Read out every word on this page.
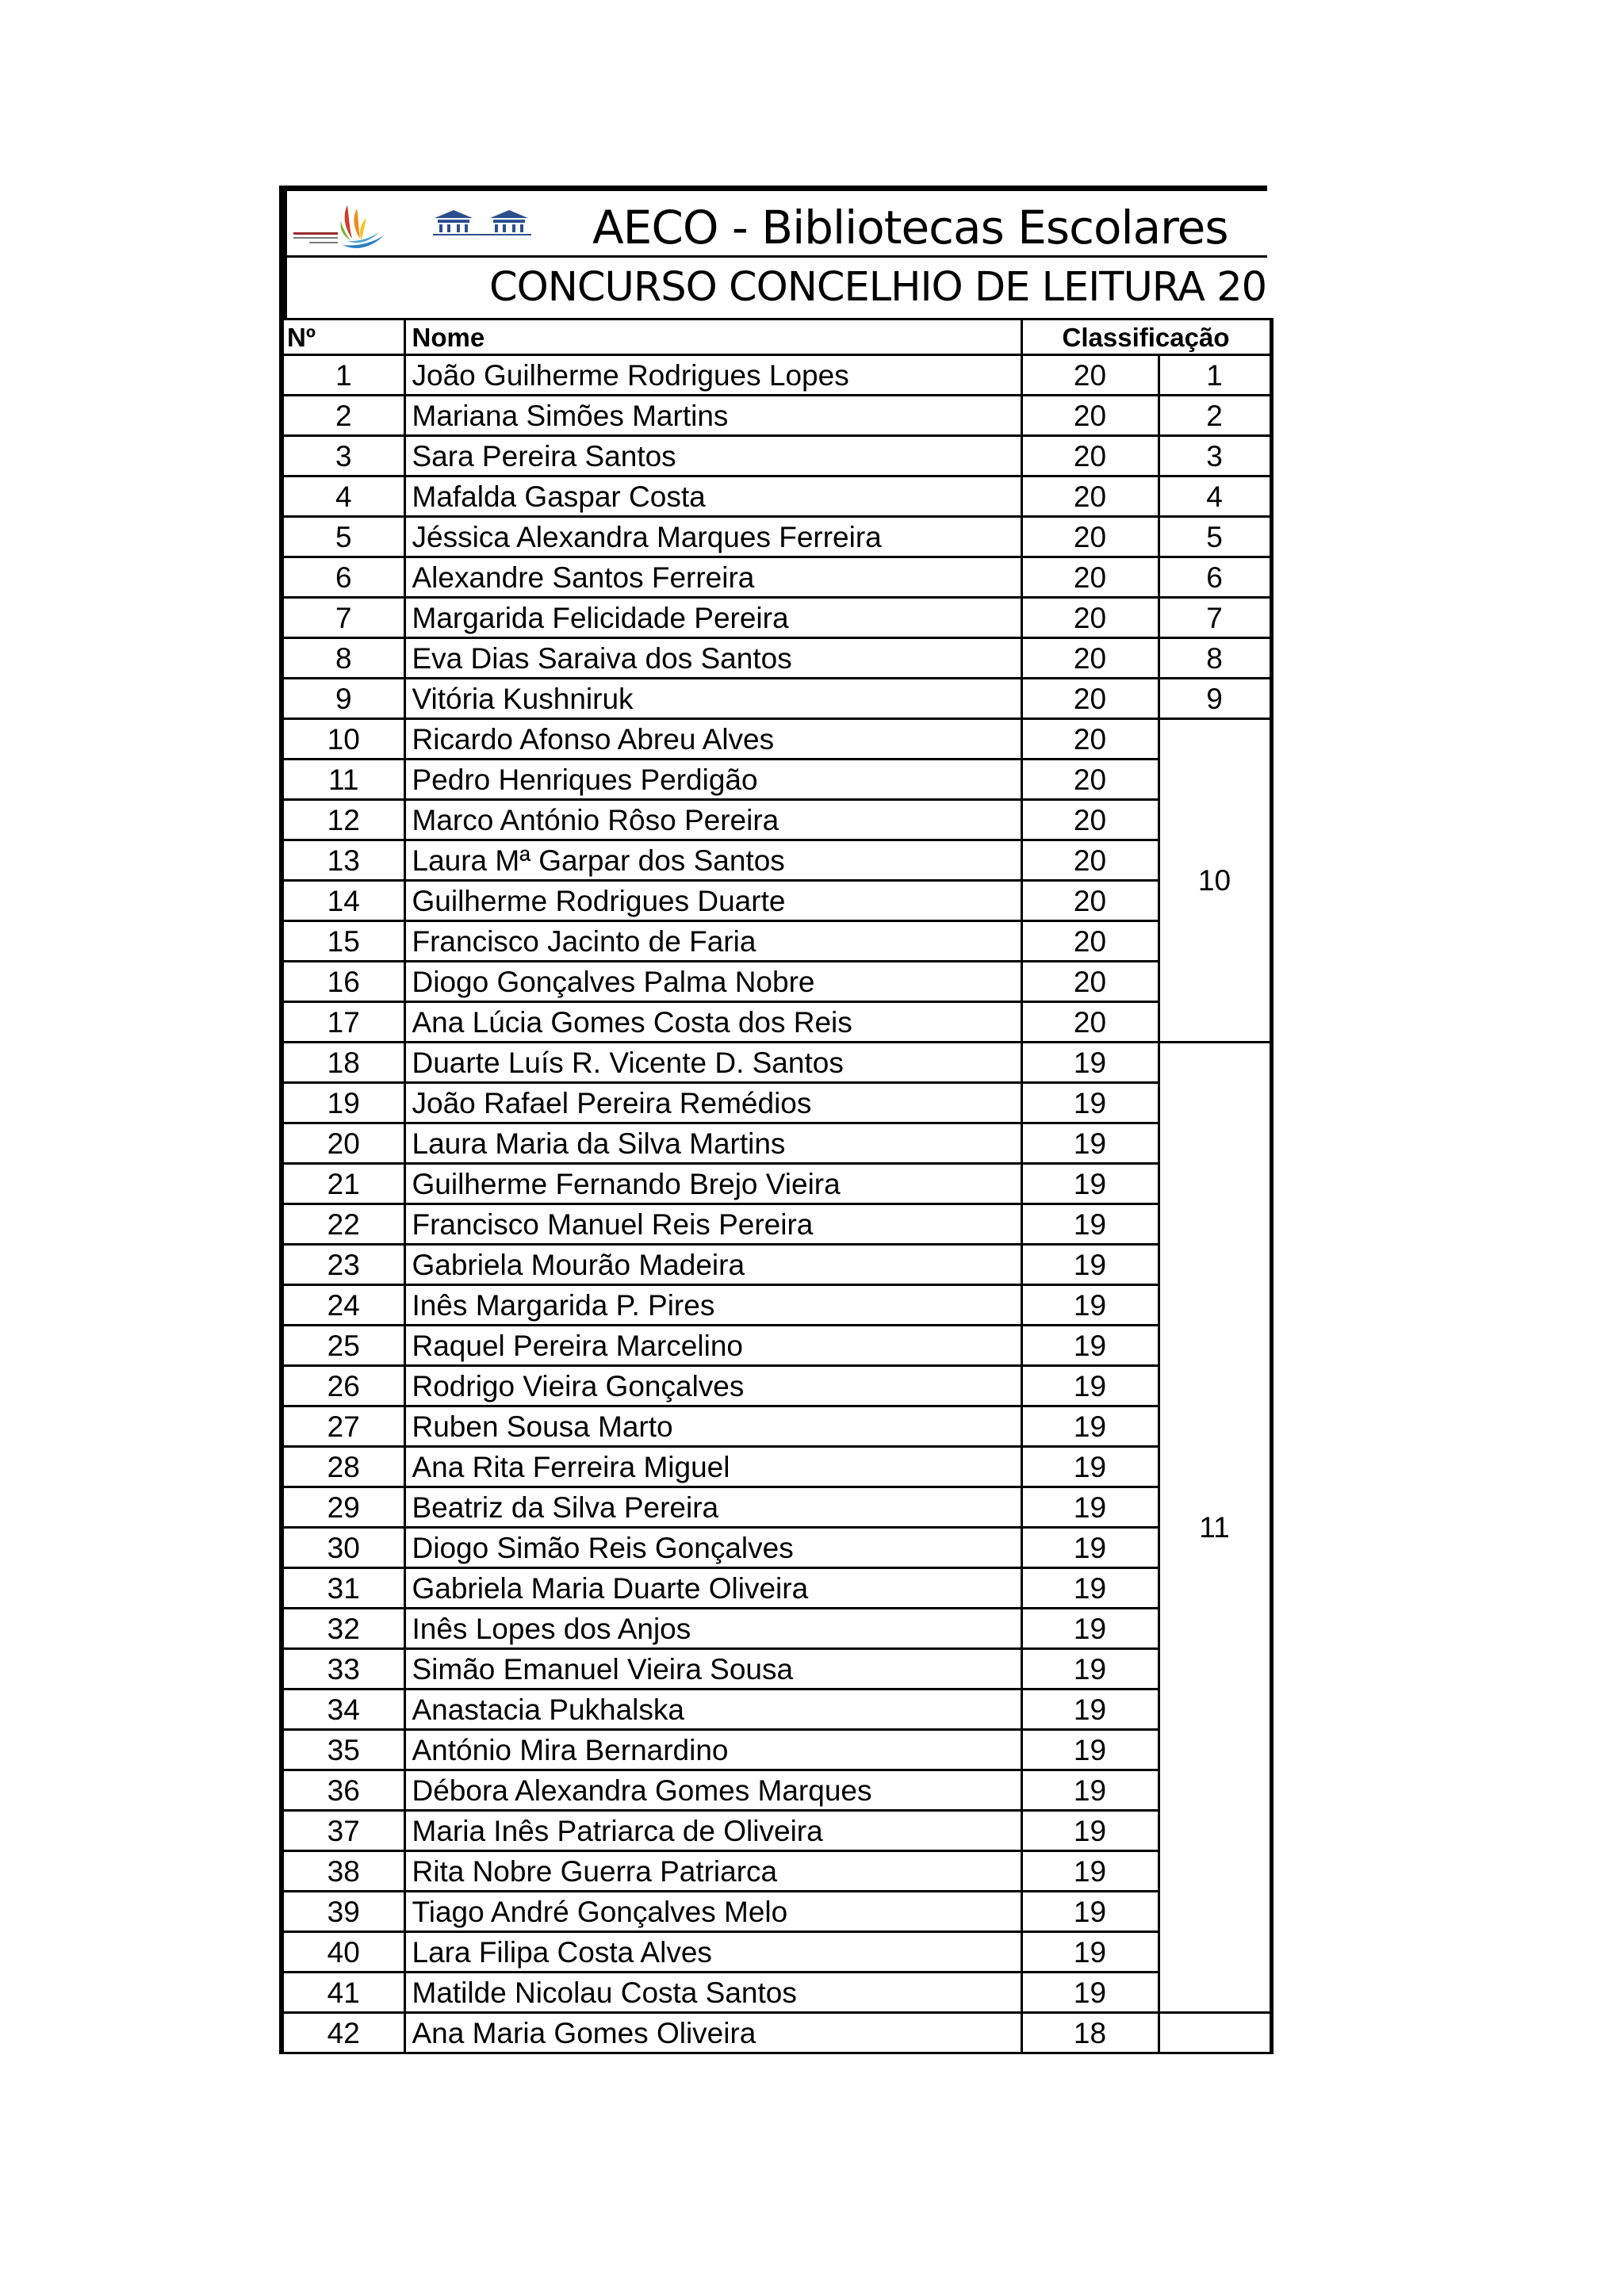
AECO - Bibliotecas Escolares
CONCURSO CONCELHIO DE LEITURA 20
Nº	Nome	Classificação	
1	João Guilherme Rodrigues Lopes	20	1
2	Mariana Simões Martins	20	2
3	Sara Pereira Santos	20	3
4	Mafalda Gaspar Costa	20	4
5	Jéssica Alexandra Marques Ferreira	20	5
6	Alexandre Santos Ferreira	20	6
7	Margarida Felicidade Pereira	20	7
8	Eva Dias Saraiva dos Santos	20	8
9	Vitória Kushniruk	20	9
10	Ricardo Afonso Abreu Alves	20	10
11	Pedro Henriques Perdigão	20	
12	Marco António Rôso Pereira	20	
13	Laura Mª Garpar dos Santos	20	
14	Guilherme Rodrigues Duarte	20	
15	Francisco Jacinto de Faria	20	
16	Diogo Gonçalves Palma Nobre	20	
17	Ana Lúcia Gomes Costa dos Reis	20	
18	Duarte Luís R. Vicente D. Santos	19	11
19	João Rafael Pereira Remédios	19	
20	Laura Maria da Silva Martins	19	
21	Guilherme Fernando Brejo Vieira	19	
22	Francisco Manuel Reis Pereira	19	
23	Gabriela Mourão Madeira	19	
24	Inês Margarida P. Pires	19	
25	Raquel Pereira Marcelino	19	
26	Rodrigo Vieira Gonçalves	19	
27	Ruben Sousa Marto	19	
28	Ana Rita Ferreira Miguel	19	
29	Beatriz da Silva Pereira	19	
30	Diogo Simão Reis Gonçalves	19	
31	Gabriela Maria Duarte Oliveira	19	
32	Inês Lopes dos Anjos	19	
33	Simão Emanuel Vieira Sousa	19	
34	Anastacia Pukhalska	19	
35	António Mira Bernardino	19	
36	Débora Alexandra Gomes Marques	19	
37	Maria Inês Patriarca de Oliveira	19	
38	Rita Nobre Guerra Patriarca	19	
39	Tiago André Gonçalves Melo	19	
40	Lara Filipa Costa Alves	19	
41	Matilde Nicolau Costa Santos	19	
42	Ana Maria Gomes Oliveira	18	
